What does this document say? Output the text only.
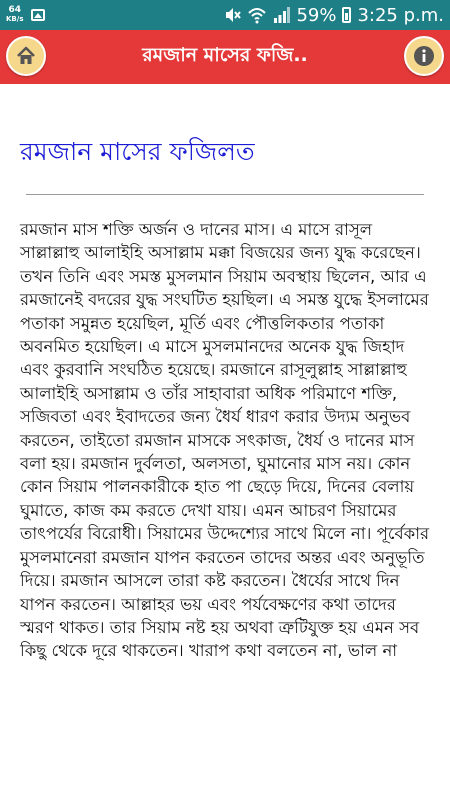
64
KB/s	59% 3:25 p.m.
রমজান মাসের ফজি..
রমজান মাসের ফজিলত

রমজান মাস শক্তি অর্জন ও দানের মাস। এ মাসে রাসূল সাল্লাল্লাহু আলাইহি অসাল্লাম মক্কা বিজয়ের জন্য যুদ্ধ করেছেন। তখন তিনি এবং সমস্ত মুসলমান সিয়াম অবস্থায় ছিলেন, আর এ রমজানেই বদরের যুদ্ধ সংঘটিত হয়ছিল। এ সমস্ত যুদ্ধে ইসলামের পতাকা সমুন্নত হয়েছিল, মূর্তি এবং পৌত্তলিকতার পতাকা অবনমিত হয়েছিল। এ মাসে মুসলমানদের অনেক যুদ্ধ জিহাদ এবং কুরবানি সংঘঠিত হয়েছে। রমজানে রাসূলুল্লাহ সাল্লাল্লাহু আলাইহি অসাল্লাম ও তাঁর সাহাবারা অধিক পরিমাণে শক্তি, সজিবতা এবং ইবাদতের জন্য ধৈর্য ধারণ করার উদ্যম অনুভব করতেন, তাইতো রমজান মাসকে সৎকাজ, ধৈর্য ও দানের মাস বলা হয়। রমজান দুর্বলতা, অলসতা, ঘুমানোর মাস নয়। কোন কোন সিয়াম পালনকারীকে হাত পা ছেড়ে দিয়ে, দিনের বেলায় ঘুমাতে, কাজ কম করতে দেখা যায়। এমন আচরণ সিয়ামের তাৎপর্যের বিরোধী। সিয়ামের উদ্দেশ্যের সাথে মিলে না। পূর্বেকার মুসলমানেরা রমজান যাপন করতেন তাদের অন্তর এবং অনুভূতি দিয়ে। রমজান আসলে তারা কষ্ট করতেন। ধৈর্যের সাথে দিন যাপন করতেন। আল্লাহর ভয় এবং পর্যবেক্ষণের কথা তাদের স্মরণ থাকত। তার সিয়াম নষ্ট হয় অথবা ত্রুটিযুক্ত হয় এমন সব কিছু থেকে দূরে থাকতেন। খারাপ কথা বলতেন না, ভাল না
